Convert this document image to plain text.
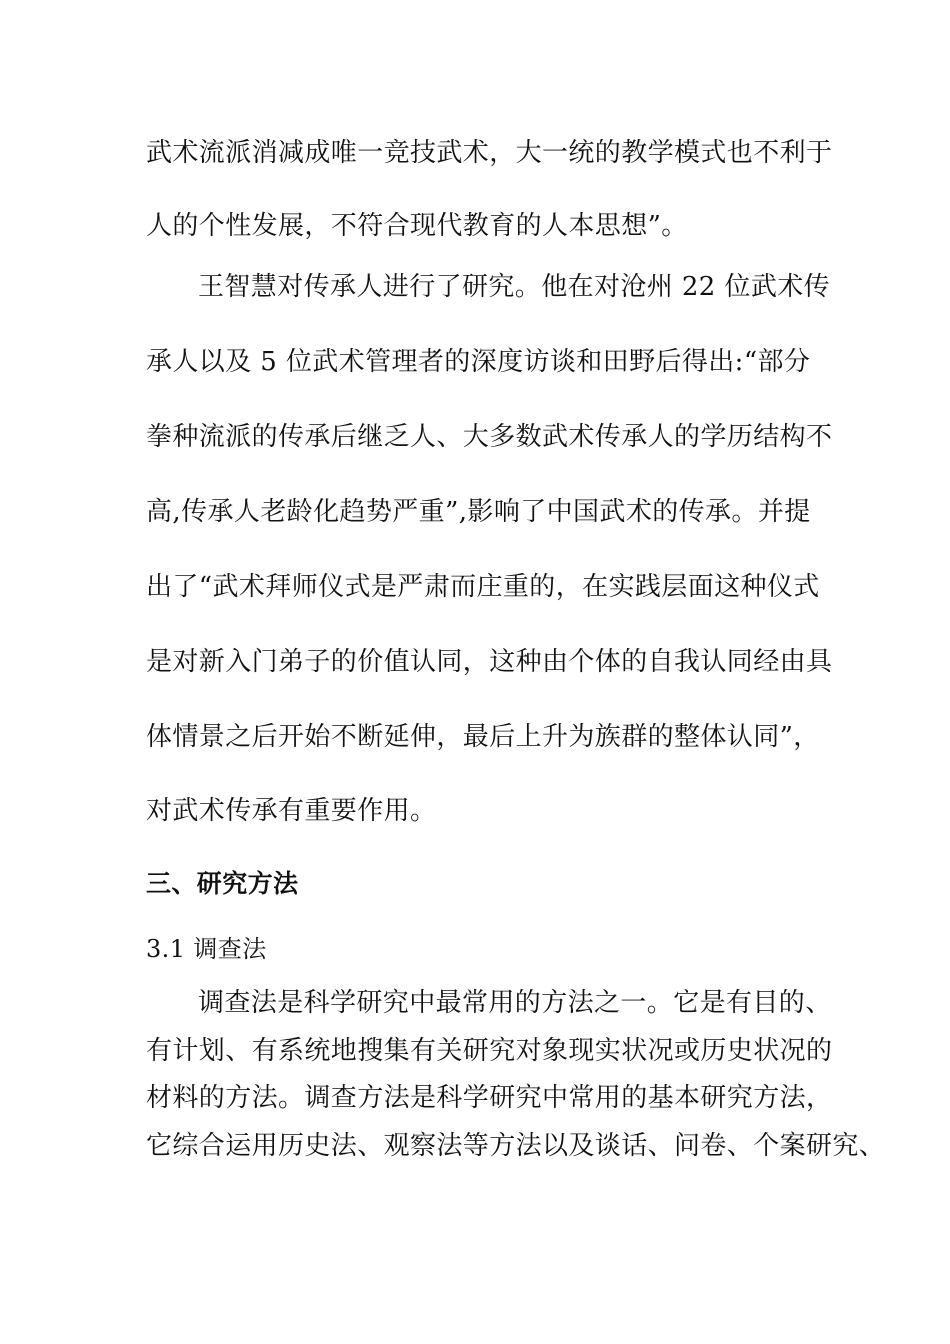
武术流派消减成唯一竞技武术，大一统的教学模式也不利于
人的个性发展，不符合现代教育的人本思想”。
王智慧对传承人进行了研究。他在对沧州 22 位武术传
承人以及 5 位武术管理者的深度访谈和田野后得出:“部分
拳种流派的传承后继乏人、大多数武术传承人的学历结构不
高,传承人老龄化趋势严重”,影响了中国武术的传承。并提
出了“武术拜师仪式是严肃而庄重的，在实践层面这种仪式
是对新入门弟子的价值认同，这种由个体的自我认同经由具
体情景之后开始不断延伸，最后上升为族群的整体认同”，
对武术传承有重要作用。
三、研究方法
3.1 调查法
调查法是科学研究中最常用的方法之一。它是有目的、
有计划、有系统地搜集有关研究对象现实状况或历史状况的
材料的方法。调查方法是科学研究中常用的基本研究方法，
它综合运用历史法、观察法等方法以及谈话、问卷、个案研究、
